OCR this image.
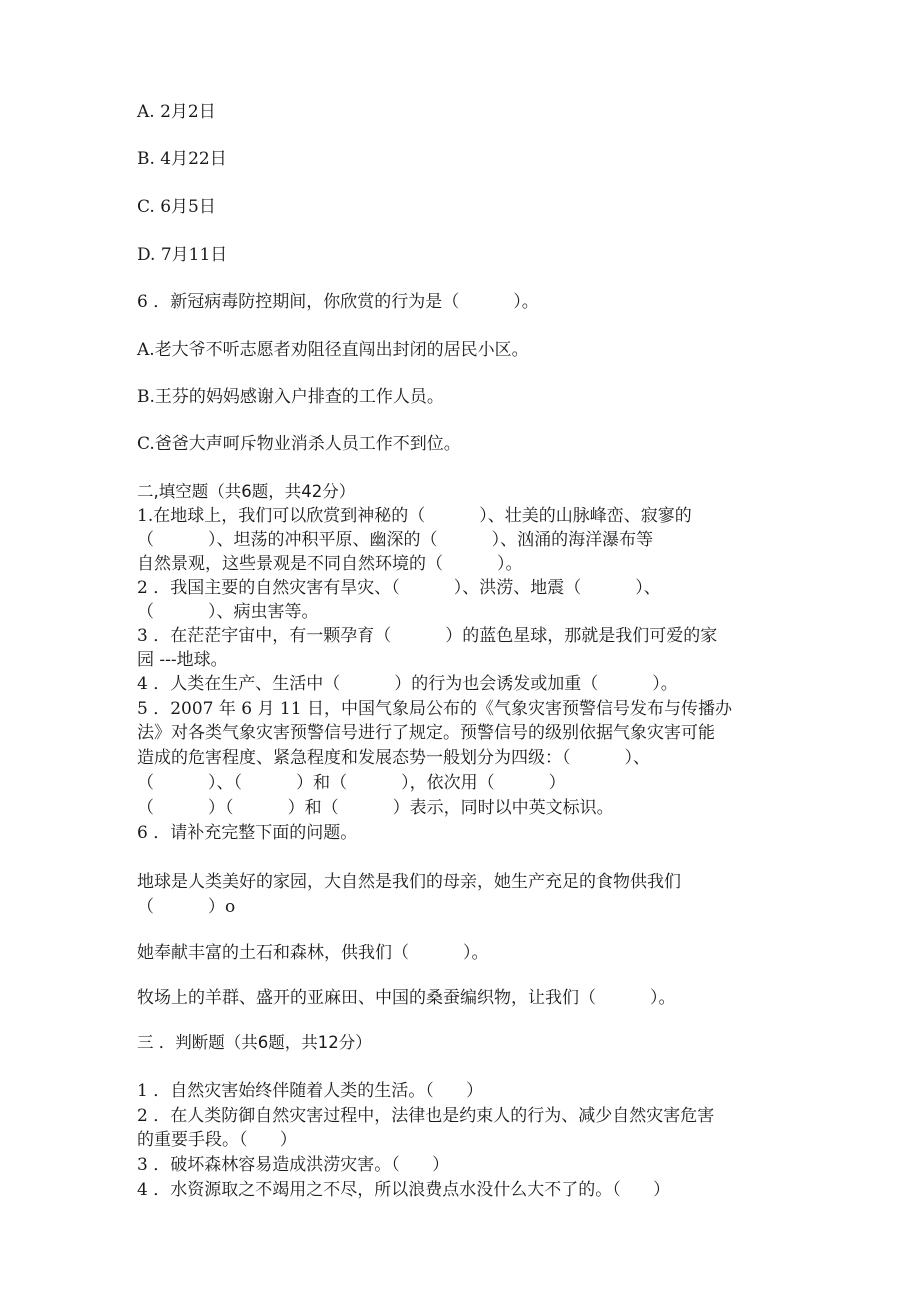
A. 2月2日

B. 4月22日

C. 6月5日

D. 7月11日

6 ．新冠病毒防控期间，你欣赏的行为是（          ）。

A.老大爷不听志愿者劝阻径直闯出封闭的居民小区。

B.王芬的妈妈感谢入户排查的工作人员。

C.爸爸大声呵斥物业消杀人员工作不到位。

二,填空题（共6题，共42分）

1.在地球上，我们可以欣赏到神秘的（          ）、壮美的山脉峰峦、寂寥的

（          ）、坦荡的冲积平原、幽深的（          ）、汹涌的海洋瀑布等

自然景观，这些景观是不同自然环境的（          ）。

2 ．我国主要的自然灾害有旱灾、（          ）、洪涝、地震（          ）、

（          ）、病虫害等。

3 ．在茫茫宇宙中，有一颗孕育（          ）的蓝色星球，那就是我们可爱的家

园 ---地球。

4 ．人类在生产、生活中（          ）的行为也会诱发或加重（          ）。

5 ．2007 年 6 月 11 日，中国气象局公布的《气象灾害预警信号发布与传播办

法》对各类气象灾害预警信号进行了规定。预警信号的级别依据气象灾害可能

造成的危害程度、紧急程度和发展态势一般划分为四级：（          ）、

（          ）、（          ）和（          ），依次用（          ）

（          ）（          ）和（          ）表示，同时以中英文标识。

6 ．请补充完整下面的问题。

地球是人类美好的家园，大自然是我们的母亲，她生产充足的食物供我们

（          ）o

她奉献丰富的土石和森林，供我们（          ）。

牧场上的羊群、盛开的亚麻田、中国的桑蚕编织物，让我们（          ）。

三 ．判断题（共6题，共12分）

1 ．自然灾害始终伴随着人类的生活。（      ）

2 ．在人类防御自然灾害过程中，法律也是约束人的行为、减少自然灾害危害

的重要手段。（      ）

3 ．破坏森林容易造成洪涝灾害。（      ）

4 ．水资源取之不竭用之不尽，所以浪费点水没什么大不了的。（      ）
